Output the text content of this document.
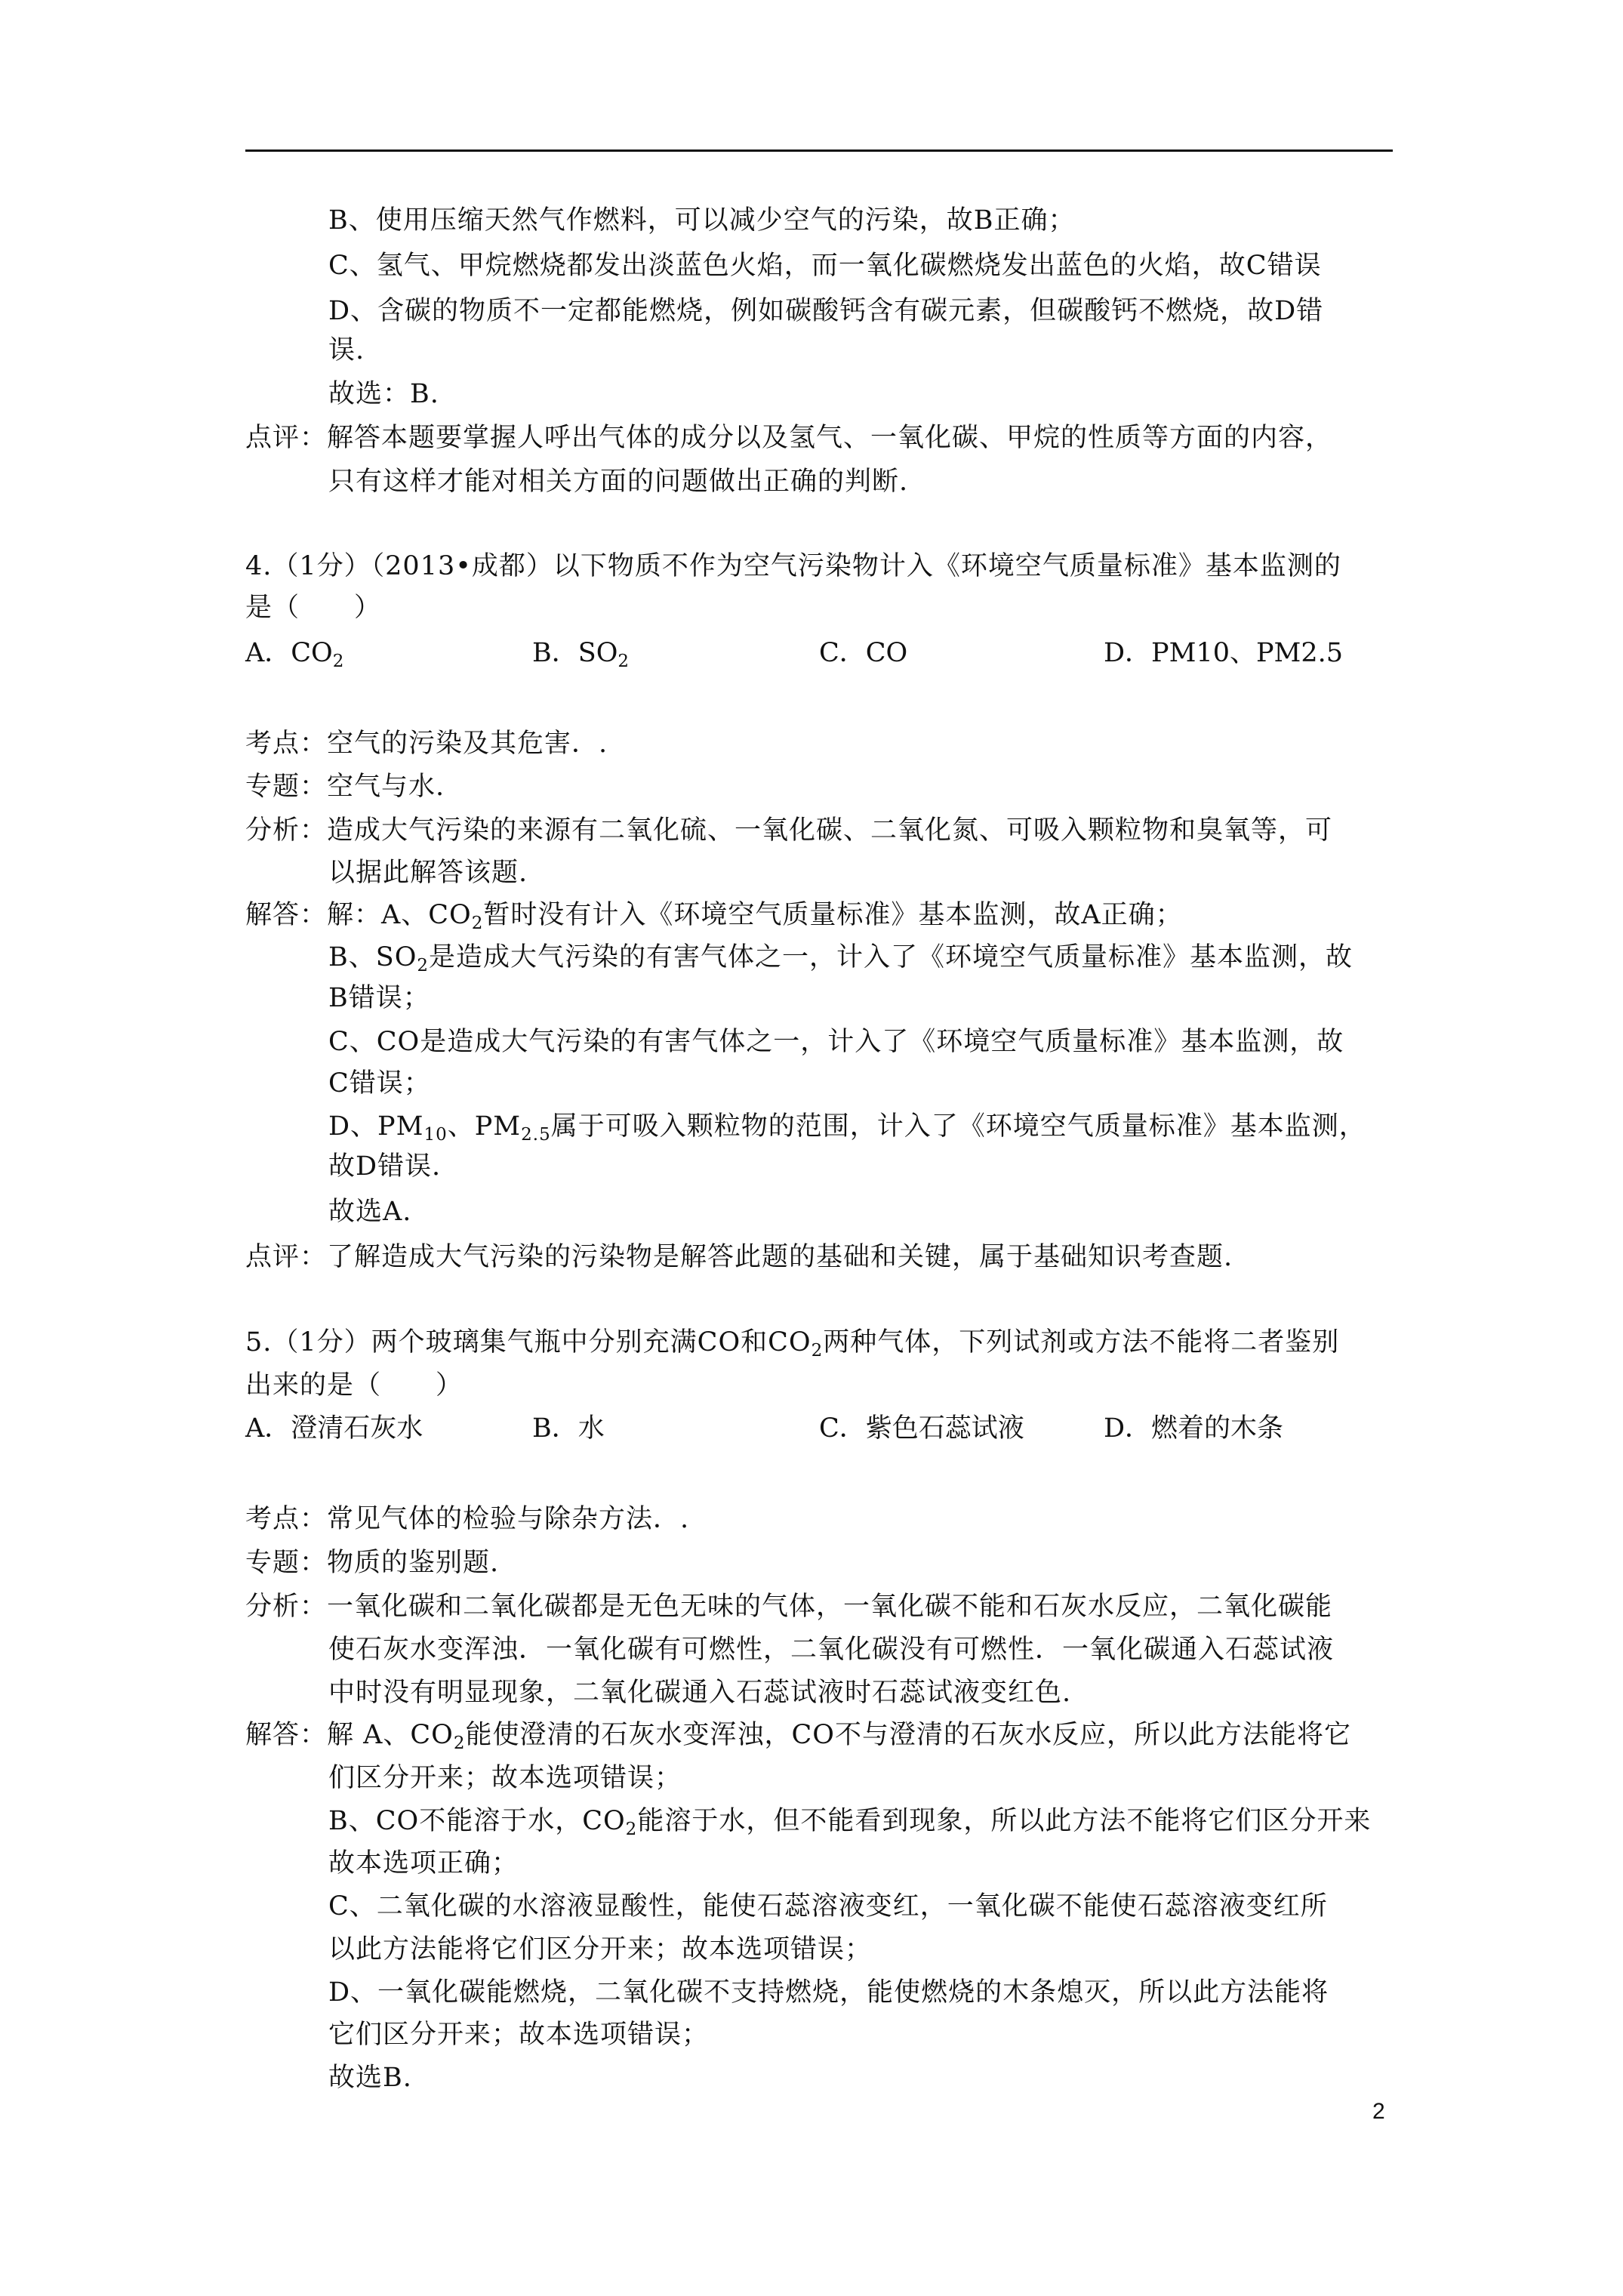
B、使用压缩天然气作燃料，可以减少空气的污染，故B正确；
C、氢气、甲烷燃烧都发出淡蓝色火焰，而一氧化碳燃烧发出蓝色的火焰，故C错误
D、含碳的物质不一定都能燃烧，例如碳酸钙含有碳元素，但碳酸钙不燃烧，故D错
误.
故选：B.
点评：解答本题要掌握人呼出气体的成分以及氢气、一氧化碳、甲烷的性质等方面的内容，
只有这样才能对相关方面的问题做出正确的判断.
4.（1分）（2013•成都）以下物质不作为空气污染物计入《环境空气质量标准》基本监测的
是（　　）
A．$CO_2$	B．$SO_2$	C．CO	D．PM10、PM2.5
考点：空气的污染及其危害．.
专题：空气与水.
分析：造成大气污染的来源有二氧化硫、一氧化碳、二氧化氮、可吸入颗粒物和臭氧等，可
以据此解答该题.
解答：解：A、$CO_2$暂时没有计入《环境空气质量标准》基本监测，故A正确；
B、$SO_2$是造成大气污染的有害气体之一，计入了《环境空气质量标准》基本监测，故
B错误；
C、CO是造成大气污染的有害气体之一，计入了《环境空气质量标准》基本监测，故
C错误；
D、$PM_{10}$、$PM_{2.5}$属于可吸入颗粒物的范围，计入了《环境空气质量标准》基本监测，
故D错误.
故选A.
点评：了解造成大气污染的污染物是解答此题的基础和关键，属于基础知识考查题.
5.（1分）两个玻璃集气瓶中分别充满CO和$CO_2$两种气体，下列试剂或方法不能将二者鉴别
出来的是（　　）
A．澄清石灰水	B．水	C．紫色石蕊试液	D．燃着的木条
考点：常见气体的检验与除杂方法．.
专题：物质的鉴别题.
分析：一氧化碳和二氧化碳都是无色无味的气体，一氧化碳不能和石灰水反应，二氧化碳能
使石灰水变浑浊．一氧化碳有可燃性，二氧化碳没有可燃性．一氧化碳通入石蕊试液
中时没有明显现象，二氧化碳通入石蕊试液时石蕊试液变红色.
解答：解 A、$CO_2$能使澄清的石灰水变浑浊，CO不与澄清的石灰水反应，所以此方法能将它
们区分开来；故本选项错误；
B、CO不能溶于水，$CO_2$能溶于水，但不能看到现象，所以此方法不能将它们区分开来
故本选项正确；
C、二氧化碳的水溶液显酸性，能使石蕊溶液变红，一氧化碳不能使石蕊溶液变红所
以此方法能将它们区分开来；故本选项错误；
D、一氧化碳能燃烧，二氧化碳不支持燃烧，能使燃烧的木条熄灭，所以此方法能将
它们区分开来；故本选项错误；
故选B.
2
